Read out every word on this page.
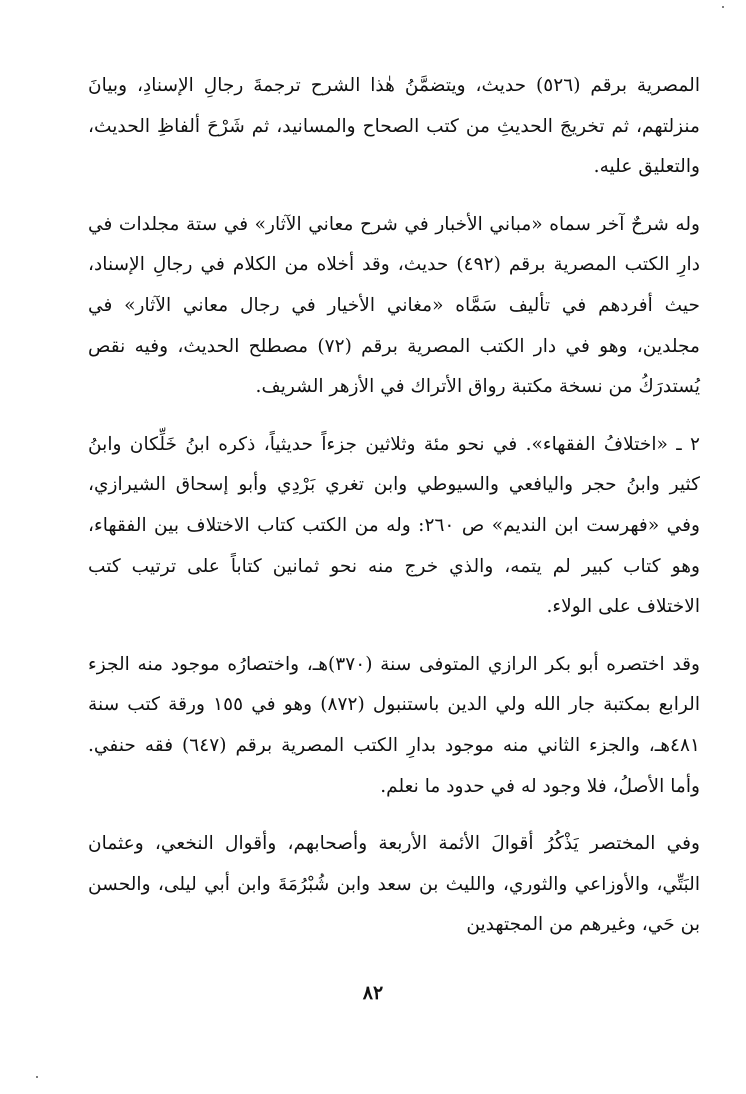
المصرية برقم (٥٢٦) حديث، ويتضمَّنُ هٰذا الشرح ترجمةَ رجالِ الإسنادِ، وبيانَ منزلتهم، ثم تخريجَ الحديثِ من كتب الصحاح والمسانيد، ثم شَرْحَ ألفاظِ الحديث، والتعليق عليه.

وله شرحٌ آخر سماه «مباني الأخبار في شرح معاني الآثار» في ستة مجلدات في دارِ الكتب المصرية برقم (٤٩٢) حديث، وقد أخلاه من الكلام في رجالِ الإسناد، حيث أفردهم في تأليف سَمَّاه «مغاني الأخيار في رجال معاني الآثار» في مجلدين، وهو في دار الكتب المصرية برقم (٧٢) مصطلح الحديث، وفيه نقص يُستدرَكُ من نسخة مكتبة رواق الأتراك في الأزهر الشريف.

٢ ـ «اختلافُ الفقهاء». في نحو مئة وثلاثين جزءاً حديثياً، ذكره ابنُ خَلِّكان وابنُ كثير وابنُ حجر واليافعي والسيوطي وابن تغري بَرْدِي وأبو إسحاق الشيرازي، وفي «فهرست ابن النديم» ص ٢٦٠: وله من الكتب كتاب الاختلاف بين الفقهاء، وهو كتاب كبير لم يتمه، والذي خرج منه نحو ثمانين كتاباً على ترتيب كتب الاختلاف على الولاء.

وقد اختصره أبو بكر الرازي المتوفى سنة (٣٧٠)هـ، واختصارُه موجود منه الجزء الرابع بمكتبة جار الله ولي الدين باستنبول (٨٧٢) وهو في ١٥٥ ورقة كتب سنة ٤٨١هـ، والجزء الثاني منه موجود بدارِ الكتب المصرية برقم (٦٤٧) فقه حنفي. وأما الأصلُ، فلا وجود له في حدود ما نعلم.

وفي المختصر يَذْكُرُ أقوالَ الأئمة الأربعة وأصحابهم، وأقوال النخعي، وعثمان البَتِّي، والأوزاعي والثوري، والليث بن سعد وابن شُبْرُمَةَ وابن أبي ليلى، والحسن بن حَي، وغيرهم من المجتهدين

٨٢
